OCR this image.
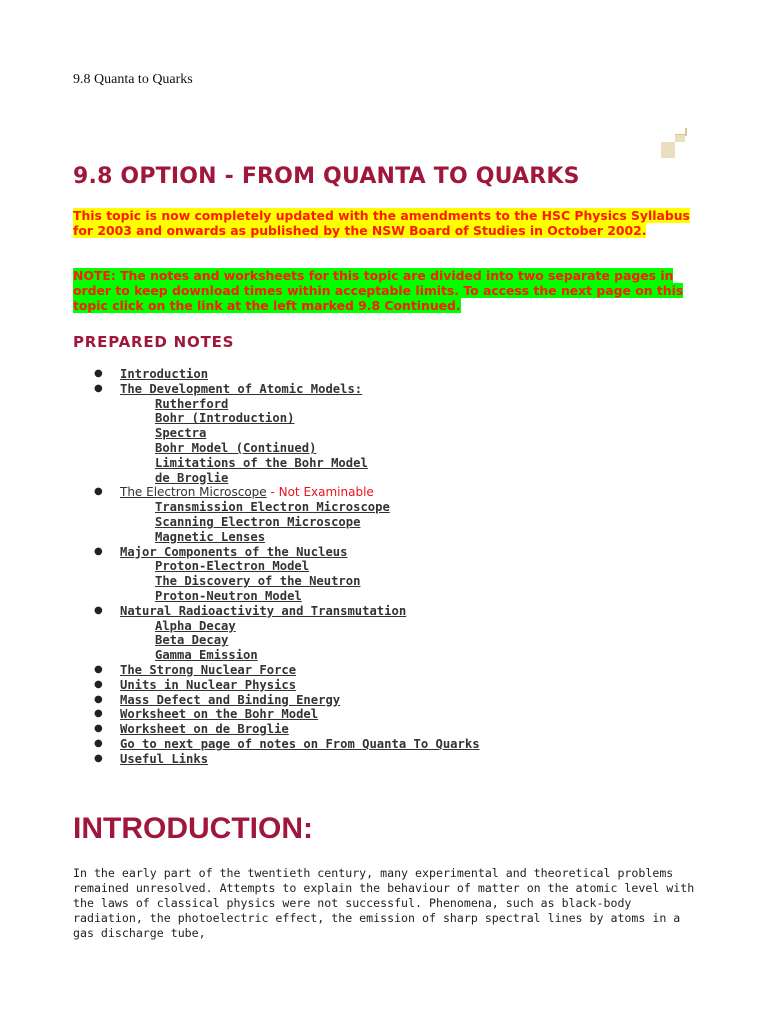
9.8 Quanta to Quarks
9.8 OPTION - FROM QUANTA TO QUARKS

This topic is now completely updated with the amendments to the HSC Physics Syllabus for 2003 and onwards as published by the NSW Board of Studies in October 2002.

NOTE: The notes and worksheets for this topic are divided into two separate pages in order to keep download times within acceptable limits. To access the next page on this topic click on the link at the left marked 9.8 Continued.

PREPARED NOTES
● Introduction
● The Development of Atomic Models:
Rutherford
Bohr (Introduction)
Spectra
Bohr Model (Continued)
Limitations of the Bohr Model
de Broglie
● The Electron Microscope - Not Examinable
Transmission Electron Microscope
Scanning Electron Microscope
Magnetic Lenses
● Major Components of the Nucleus
Proton-Electron Model
The Discovery of the Neutron
Proton-Neutron Model
● Natural Radioactivity and Transmutation
Alpha Decay
Beta Decay
Gamma Emission
● The Strong Nuclear Force
● Units in Nuclear Physics
● Mass Defect and Binding Energy
● Worksheet on the Bohr Model
● Worksheet on de Broglie
● Go to next page of notes on From Quanta To Quarks
● Useful Links
INTRODUCTION:

In the early part of the twentieth century, many experimental and theoretical problems remained unresolved. Attempts to explain the behaviour of matter on the atomic level with the laws of classical physics were not successful. Phenomena, such as black-body radiation, the photoelectric effect, the emission of sharp spectral lines by atoms in a gas discharge tube,
